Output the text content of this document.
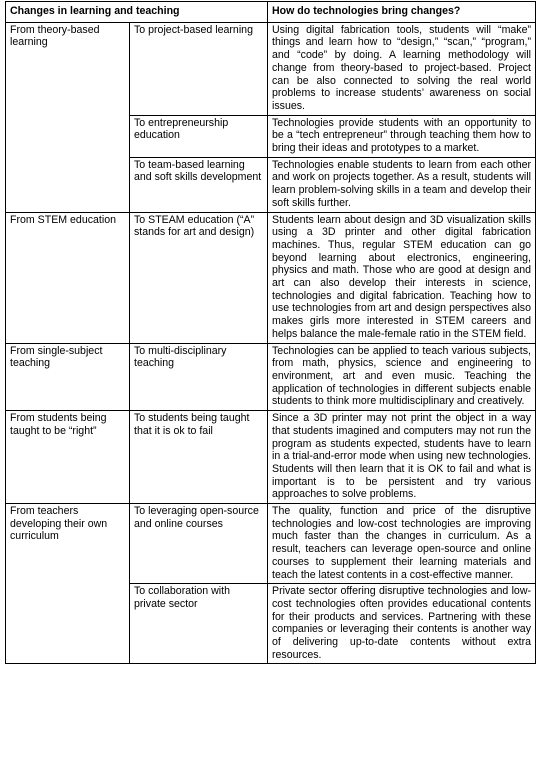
Changes in learning and teaching		How do technologies bring changes?
From theory-based learning	To project-based learning	Using digital fabrication tools, students will “make” things and learn how to “design,” “scan,” “program,” and “code” by doing. A learning methodology will change from theory-based to project-based. Project can be also connected to solving the real world problems to increase students’ awareness on social issues.
	To entrepreneurship education	Technologies provide students with an opportunity to be a “tech entrepreneur” through teaching them how to bring their ideas and prototypes to a market.
	To team-based learning and soft skills development	Technologies enable students to learn from each other and work on projects together. As a result, students will learn problem-solving skills in a team and develop their soft skills further.
From STEM education	To STEAM education (“A” stands for art and design)	Students learn about design and 3D visualization skills using a 3D printer and other digital fabrication machines. Thus, regular STEM education can go beyond learning about electronics, engineering, physics and math. Those who are good at design and art can also develop their interests in science, technologies and digital fabrication. Teaching how to use technologies from art and design perspectives also makes girls more interested in STEM careers and helps balance the male-female ratio in the STEM field.
From single-subject teaching	To multi-disciplinary teaching	Technologies can be applied to teach various subjects, from math, physics, science and engineering to environment, art and even music. Teaching the application of technologies in different subjects enable students to think more multidisciplinary and creatively.
From students being taught to be “right”	To students being taught that it is ok to fail	Since a 3D printer may not print the object in a way that students imagined and computers may not run the program as students expected, students have to learn in a trial-and-error mode when using new technologies. Students will then learn that it is OK to fail and what is important is to be persistent and try various approaches to solve problems.
From teachers developing their own curriculum	To leveraging open-source and online courses	The quality, function and price of the disruptive technologies and low-cost technologies are improving much faster than the changes in curriculum. As a result, teachers can leverage open-source and online courses to supplement their learning materials and teach the latest contents in a cost-effective manner.
	To collaboration with private sector	Private sector offering disruptive technologies and low-cost technologies often provides educational contents for their products and services. Partnering with these companies or leveraging their contents is another way of delivering up-to-date contents without extra resources.
